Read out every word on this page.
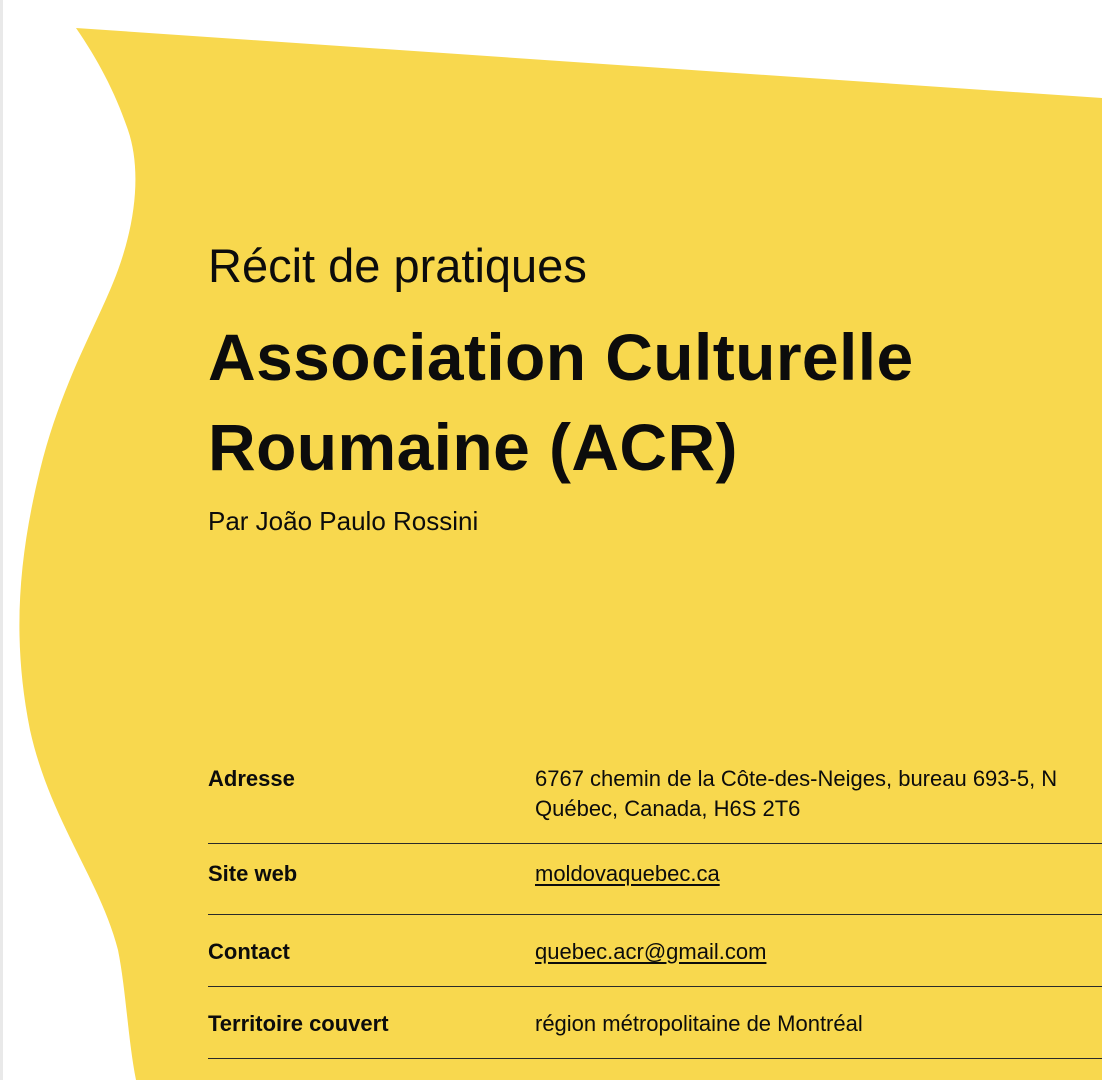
Récit de pratiques
Association Culturelle
Roumaine (ACR)
Par João Paulo Rossini
Adresse	6767 chemin de la Côte-des-Neiges, bureau 693-5, N
Québec, Canada, H6S 2T6
Site web	moldovaquebec.ca
Contact	quebec.acr@gmail.com
Territoire couvert	région métropolitaine de Montréal
